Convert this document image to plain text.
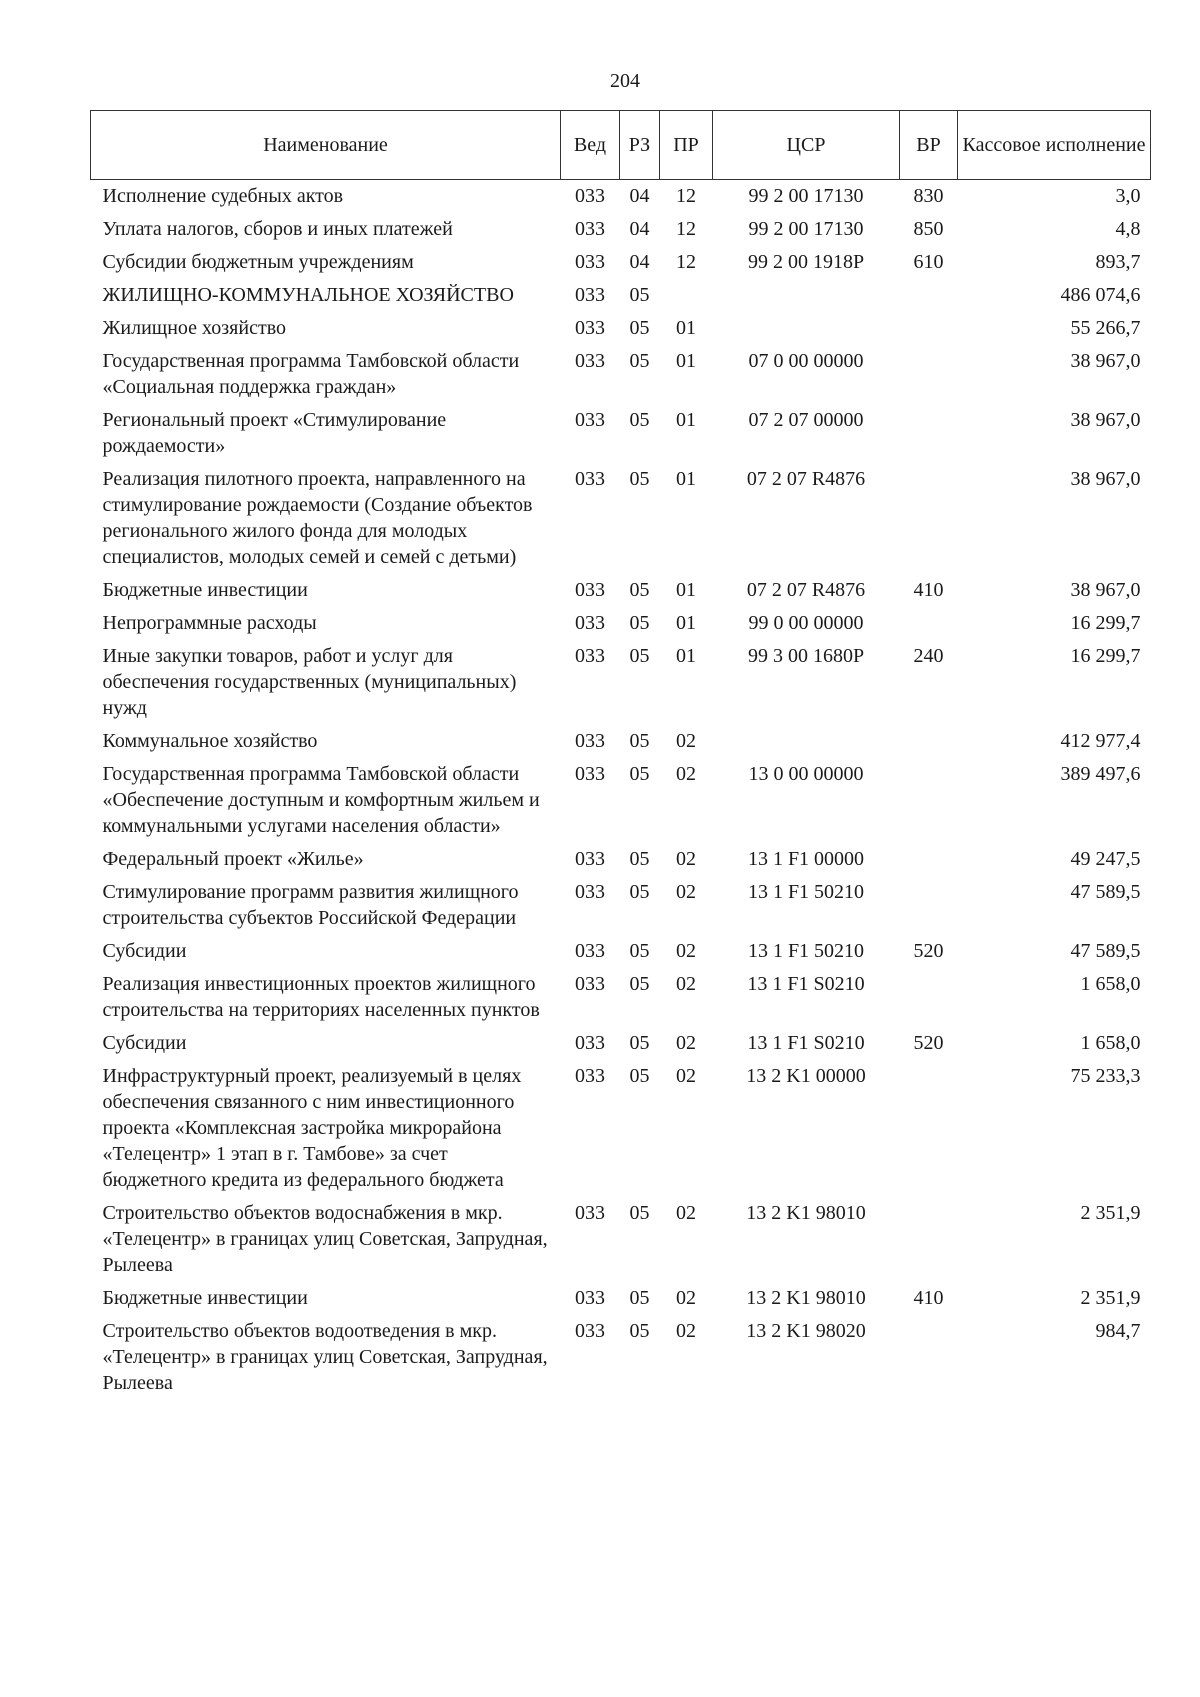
204
Наименование	Вед	РЗ	ПР	ЦСР	ВР	Кассовое исполнение
Исполнение судебных актов	033	04	12	99 2 00 17130	830	3,0
Уплата налогов, сборов и иных платежей	033	04	12	99 2 00 17130	850	4,8
Субсидии бюджетным учреждениям	033	04	12	99 2 00 1918Р	610	893,7
ЖИЛИЩНО-КОММУНАЛЬНОЕ ХОЗЯЙСТВО	033	05				486 074,6
Жилищное хозяйство	033	05	01			55 266,7
Государственная программа Тамбовской области «Социальная поддержка граждан»	033	05	01	07 0 00 00000		38 967,0
Региональный проект «Стимулирование рождаемости»	033	05	01	07 2 07 00000		38 967,0
Реализация пилотного проекта, направленного на стимулирование рождаемости (Создание объектов регионального жилого фонда для молодых специалистов, молодых семей и семей с детьми)	033	05	01	07 2 07 R4876		38 967,0
Бюджетные инвестиции	033	05	01	07 2 07 R4876	410	38 967,0
Непрограммные расходы	033	05	01	99 0 00 00000		16 299,7
Иные закупки товаров, работ и услуг для обеспечения государственных (муниципальных) нужд	033	05	01	99 3 00 1680Р	240	16 299,7
Коммунальное хозяйство	033	05	02			412 977,4
Государственная программа Тамбовской области «Обеспечение доступным и комфортным жильем и коммунальными услугами населения области»	033	05	02	13 0 00 00000		389 497,6
Федеральный проект «Жилье»	033	05	02	13 1 F1 00000		49 247,5
Стимулирование программ развития жилищного строительства субъектов Российской Федерации	033	05	02	13 1 F1 50210		47 589,5
Субсидии	033	05	02	13 1 F1 50210	520	47 589,5
Реализация инвестиционных проектов жилищного строительства на территориях населенных пунктов	033	05	02	13 1 F1 S0210		1 658,0
Субсидии	033	05	02	13 1 F1 S0210	520	1 658,0
Инфраструктурный проект, реализуемый в целях обеспечения связанного с ним инвестиционного проекта «Комплексная застройка микрорайона «Телецентр» 1 этап в г. Тамбове» за счет бюджетного кредита из федерального бюджета	033	05	02	13 2 K1 00000		75 233,3
Строительство объектов водоснабжения в мкр. «Телецентр» в границах улиц Советская, Запрудная, Рылеева	033	05	02	13 2 K1 98010		2 351,9
Бюджетные инвестиции	033	05	02	13 2 K1 98010	410	2 351,9
Строительство объектов водоотведения в мкр. «Телецентр» в границах улиц Советская, Запрудная, Рылеева	033	05	02	13 2 K1 98020		984,7
